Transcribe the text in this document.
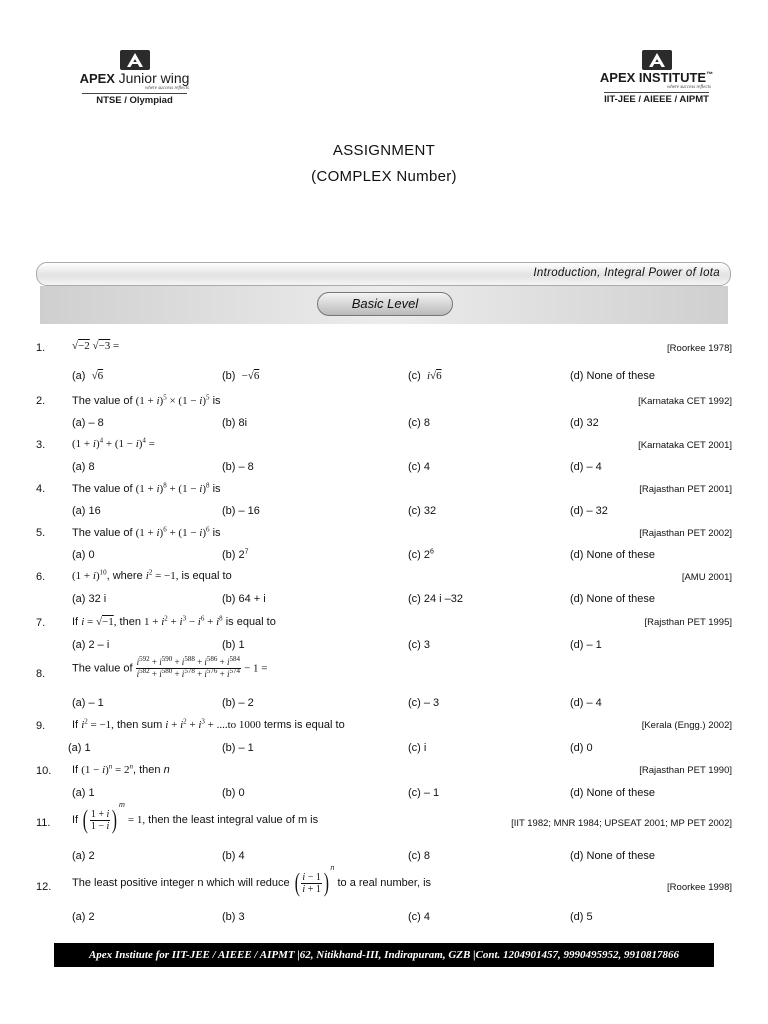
APEX Junior wing
where success reflects
NTSE / Olympiad
APEX INSTITUTE™
where success reflects
IIT-JEE / AIEEE / AIPMT
ASSIGNMENT
(COMPLEX Number)
Introduction, Integral Power of Iota
Basic Level
1. √−2 √−3 =	[Roorkee 1978]
(a) √6	(b) −√6	(c) i√6	(d) None of these
2. The value of $(1 + i)^5 \times (1 - i)^5$ is	[Karnataka CET 1992]
(a) – 8	(b) 8i	(c) 8	(d) 32
3. $(1 + i)^4 + (1 - i)^4$ =	[Karnataka CET 2001]
(a) 8	(b) – 8	(c) 4	(d) – 4
4. The value of $(1 + i)^8 + (1 - i)^8$ is	[Rajasthan PET 2001]
(a) 16	(b) – 16	(c) 32	(d) – 32
5. The value of $(1 + i)^6 + (1 - i)^6$ is	[Rajasthan PET 2002]
(a) 0	(b) $2^7$	(c) $2^6$	(d) None of these
6. $(1 + i)^{10}$, where $i^2 = -1$, is equal to	[AMU 2001]
(a) 32 i	(b) 64 + i	(c) 24 i –32	(d) None of these
7. If i = √−1, then $1 + i^2 + i^3 - i^6 + i^8$ is equal to	[Rajsthan PET 1995]
(a) 2 – i	(b) 1	(c) 3	(d) – 1
8. The value of $\frac{i^{592} + i^{590} + i^{588} + i^{586} + i^{584}}{i^{582} + i^{580} + i^{578} + i^{576} + i^{574}} - 1$ =
(a) – 1	(b) – 2	(c) – 3	(d) – 4
9. If $i^2 = -1$, then sum $i + i^2 + i^3 + ....to$ 1000 terms is equal to	[Kerala (Engg.) 2002]
(a) 1	(b) – 1	(c) i	(d) 0
10. If $(1 - i)^n = 2^n$, then n	[Rajasthan PET 1990]
(a) 1	(b) 0	(c) – 1	(d) None of these
11. If ( $\frac{1 + i}{1 - i}$ ) $^m$ = 1, then the least integral value of m is	[IIT 1982; MNR 1984; UPSEAT 2001; MP PET 2002]
(a) 2	(b) 4	(c) 8	(d) None of these
12. The least positive integer n which will reduce ( $\frac{i - 1}{i + 1}$ ) $^n$ to a real number, is	[Roorkee 1998]
(a) 2	(b) 3	(c) 4	(d) 5
Apex Institute for IIT-JEE / AIEEE / AIPMT |62, Nitikhand-III, Indirapuram, GZB |Cont. 1204901457, 9990495952, 9910817866
